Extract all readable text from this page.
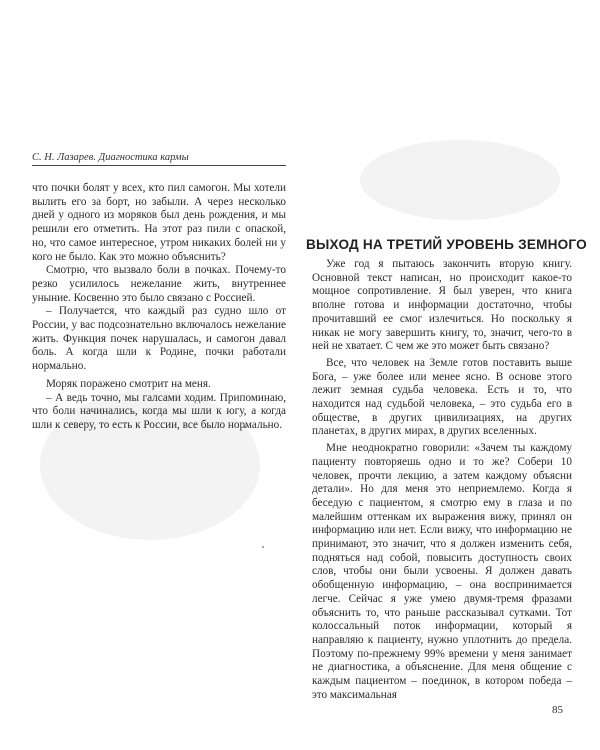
С. Н. Лазарев. Диагностика кармы

что почки болят у всех, кто пил самогон. Мы хотели вылить его за борт, но забыли. А через несколько дней у одного из моряков был день рождения, и мы решили его отметить. На этот раз пили с опаской, но, что самое интересное, утром никаких болей ни у кого не было. Как это можно объяснить?

Смотрю, что вызвало боли в почках. Почему-то резко усилилось нежелание жить, внутреннее уныние. Косвенно это было связано с Россией.

– Получается, что каждый раз судно шло от России, у вас подсознательно включалось нежелание жить. Функция почек нарушалась, и самогон давал боль. А когда шли к Родине, почки работали нормально.

Моряк поражено смотрит на меня.

– А ведь точно, мы галсами ходим. Припоминаю, что боли начинались, когда мы шли к югу, а когда шли к северу, то есть к России, все было нормально.

ВЫХОД НА ТРЕТИЙ УРОВЕНЬ ЗЕМНОГО

Уже год я пытаюсь закончить вторую книгу. Основной текст написан, но происходит какое-то мощное сопротивление. Я был уверен, что книга вполне готова и информации достаточно, чтобы прочитавший ее смог излечиться. Но поскольку я никак не могу завершить книгу, то, значит, чего-то в ней не хватает. С чем же это может быть связано?

Все, что человек на Земле готов поставить выше Бога, – уже более или менее ясно. В основе этого лежит земная судьба человека. Есть и то, что находится над судьбой человека, – это судьба его в обществе, в других цивилизациях, на других планетах, в других мирах, в других вселенных.

Мне неоднократно говорили: «Зачем ты каждому пациенту повторяешь одно и то же? Собери 10 человек, прочти лекцию, а затем каждому объясни детали». Но для меня это неприемлемо. Когда я беседую с пациентом, я смотрю ему в глаза и по малейшим оттенкам их выражения вижу, принял он информацию или нет. Если вижу, что информацию не принимают, это значит, что я должен изменить себя, подняться над собой, повысить доступность своих слов, чтобы они были усвоены. Я должен давать обобщенную информацию, – она воспринимается легче. Сейчас я уже умею двумя-тремя фразами объяснить то, что раньше рассказывал сутками. Тот колоссальный поток информации, который я направляю к пациенту, нужно уплотнить до предела. Поэтому по-прежнему 99% времени у меня занимает не диагностика, а объяснение. Для меня общение с каждым пациентом – поединок, в котором победа – это максимальная

85
